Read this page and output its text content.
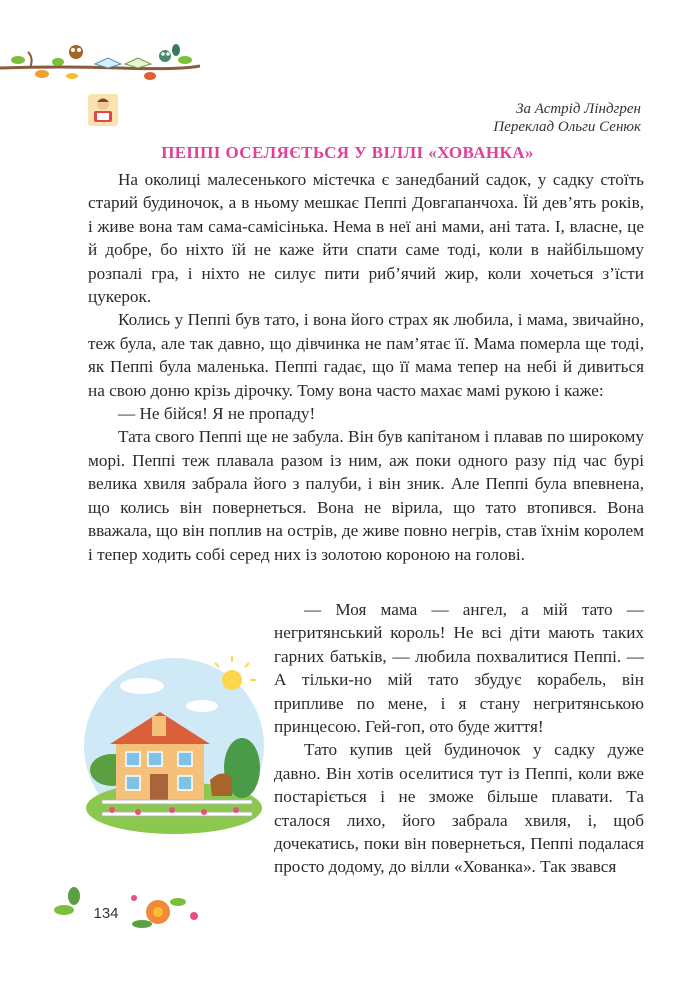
За Астрід Ліндгрен
Переклад Ольги Сенюк
ПЕППІ ОСЕЛЯЄТЬСЯ У ВІЛЛІ «ХОВАНКА»

На околиці малесенького містечка є занедбаний садок, у садку стоїть старий будиночок, а в ньому мешкає Пеппі Довгапанчоха. Їй дев’ять років, і живе вона там сама-самісінька. Нема в неї ані мами, ані тата. І, власне, це й добре, бо ніхто їй не каже йти спати саме тоді, коли в найбільшому розпалі гра, і ніхто не силує пити риб’ячий жир, коли хочеться з’їсти цукерок.

Колись у Пеппі був тато, і вона його страх як любила, і мама, звичайно, теж була, але так давно, що дівчинка не пам’ятає її. Мама померла ще тоді, як Пеппі була маленька. Пеппі гадає, що її мама тепер на небі й дивиться на свою доню крізь дірочку. Тому вона часто махає мамі рукою і каже:

— Не бійся! Я не пропаду!

Тата свого Пеппі ще не забула. Він був капітаном і плавав по широкому морі. Пеппі теж плавала разом із ним, аж поки одного разу під час бурі велика хвиля забрала його з палуби, і він зник. Але Пеппі була впевнена, що колись він повернеться. Вона не вірила, що тато втопився. Вона вважала, що він поплив на острів, де живе повно негрів, став їхнім королем і тепер ходить собі серед них із золотою короною на голові.

— Моя мама — ангел, а мій тато — негритянський король! Не всі діти мають таких гарних батьків, — любила похвалитися Пеппі. — А тільки-но мій тато збудує корабель, він припливе по мене, і я стану негритянською принцесою. Гей-гоп, ото буде життя!

Тато купив цей будиночок у садку дуже давно. Він хотів оселитися тут із Пеппі, коли вже постаріється і не зможе більше плавати. Та сталося лихо, його забрала хвиля, і, щоб дочекатись, поки він повернеться, Пеппі подалася просто додому, до вілли «Хованка». Так звався

134
